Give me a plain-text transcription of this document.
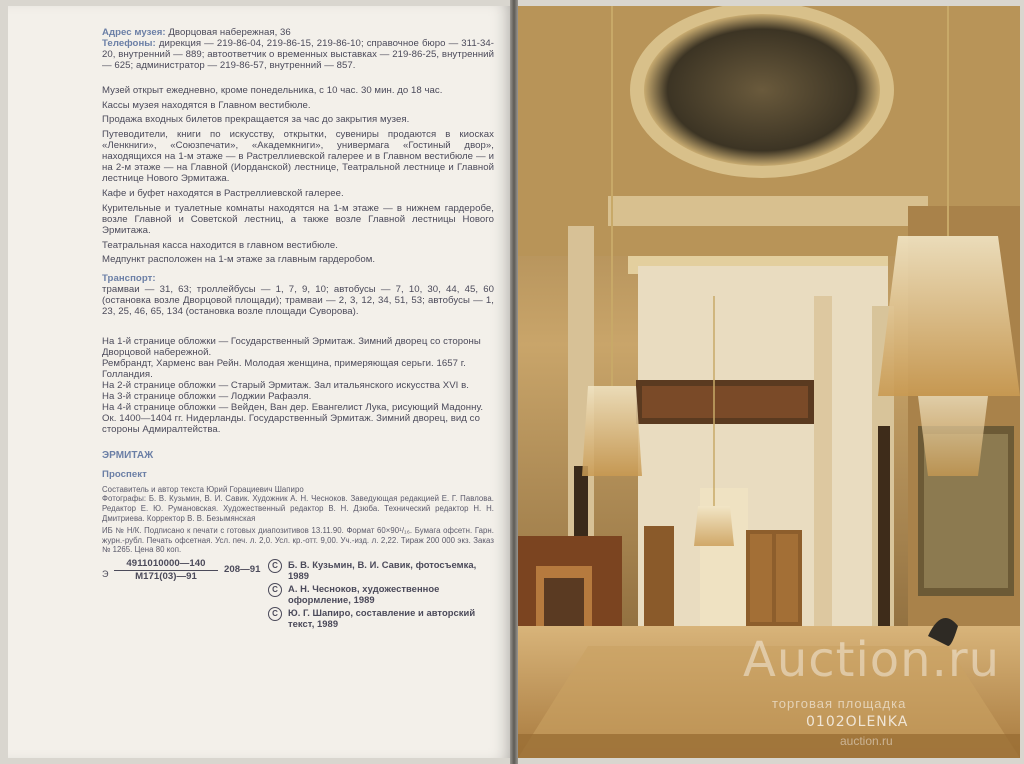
Адрес музея: Дворцовая набережная, 36
Телефоны: дирекция — 219-86-04, 219-86-15, 219-86-10; справочное бюро — 311-34-20, внутренний — 889; автоответчик о временных выставках — 219-86-25, внутренний — 625; администратор — 219-86-57, внутренний — 857.

Музей открыт ежедневно, кроме понедельника, с 10 час. 30 мин. до 18 час.

Кассы музея находятся в Главном вестибюле.

Продажа входных билетов прекращается за час до закрытия музея.

Путеводители, книги по искусству, открытки, сувениры продаются в киосках «Ленкниги», «Союзпечати», «Академкниги», универмага «Гостиный двор», находящихся на 1-м этаже — в Растреллиевской галерее и в Главном вестибюле — и на 2-м этаже — на Главной (Иорданской) лестнице, Театральной лестнице и Главной лестнице Нового Эрмитажа.

Кафе и буфет находятся в Растреллиевской галерее.

Курительные и туалетные комнаты находятся на 1-м этаже — в нижнем гардеробе, возле Главной и Советской лестниц, а также возле Главной лестницы Нового Эрмитажа.

Театральная касса находится в главном вестибюле.

Медпункт расположен на 1-м этаже за главным гардеробом.

Транспорт:
трамваи — 31, 63; троллейбусы — 1, 7, 9, 10; автобусы — 7, 10, 30, 44, 45, 60 (остановка возле Дворцовой площади); трамваи — 2, 3, 12, 34, 51, 53; автобусы — 1, 23, 25, 46, 65, 134 (остановка возле площади Суворова).

На 1-й странице обложки — Государственный Эрмитаж. Зимний дворец со стороны Дворцовой набережной.

Рембрандт, Харменс ван Рейн. Молодая женщина, примеряющая серьги. 1657 г. Голландия.

На 2-й странице обложки — Старый Эрмитаж. Зал итальянского искусства XVI в.

На 3-й странице обложки — Лоджии Рафаэля.

На 4-й странице обложки — Вейден, Ван дер. Евангелист Лука, рисующий Мадонну. Ок. 1400—1404 гг. Нидерланды. Государственный Эрмитаж. Зимний дворец, вид со стороны Адмиралтейства.

ЭРМИТАЖ

Проспект

Составитель и автор текста Юрий Горациевич Шапиро

Фотографы: Б. В. Кузьмин, В. И. Савик. Художник А. Н. Чесноков. Заведующая редакцией Е. Г. Павлова. Редактор Е. Ю. Румановская. Художественный редактор В. Н. Дзюба. Технический редактор Н. Н. Дмитриева. Корректор В. В. Безымянская

ИБ № Н/К. Подписано к печати с готовых диапозитивов 13.11.90. Формат 60×90¹/₁₆. Бумага офсетн. Гарн. журн.-рубл. Печать офсетная. Усл. печ. л. 2,0. Усл. кр.-отт. 9,00. Уч.-изд. л. 2,22. Тираж 200 000 экз. Заказ № 1265. Цена 80 коп.

Э
4911010000—140
М171(03)—91
208—91	С	Б. В. Кузьмин, В. И. Савик, фотосъемка, 1989
С	А. Н. Чесноков, художественное оформление, 1989
С	Ю. Г. Шапиро, составление и авторский текст, 1989
Auction.ru
торговая площадка
0102OLENKA
auction.ru
